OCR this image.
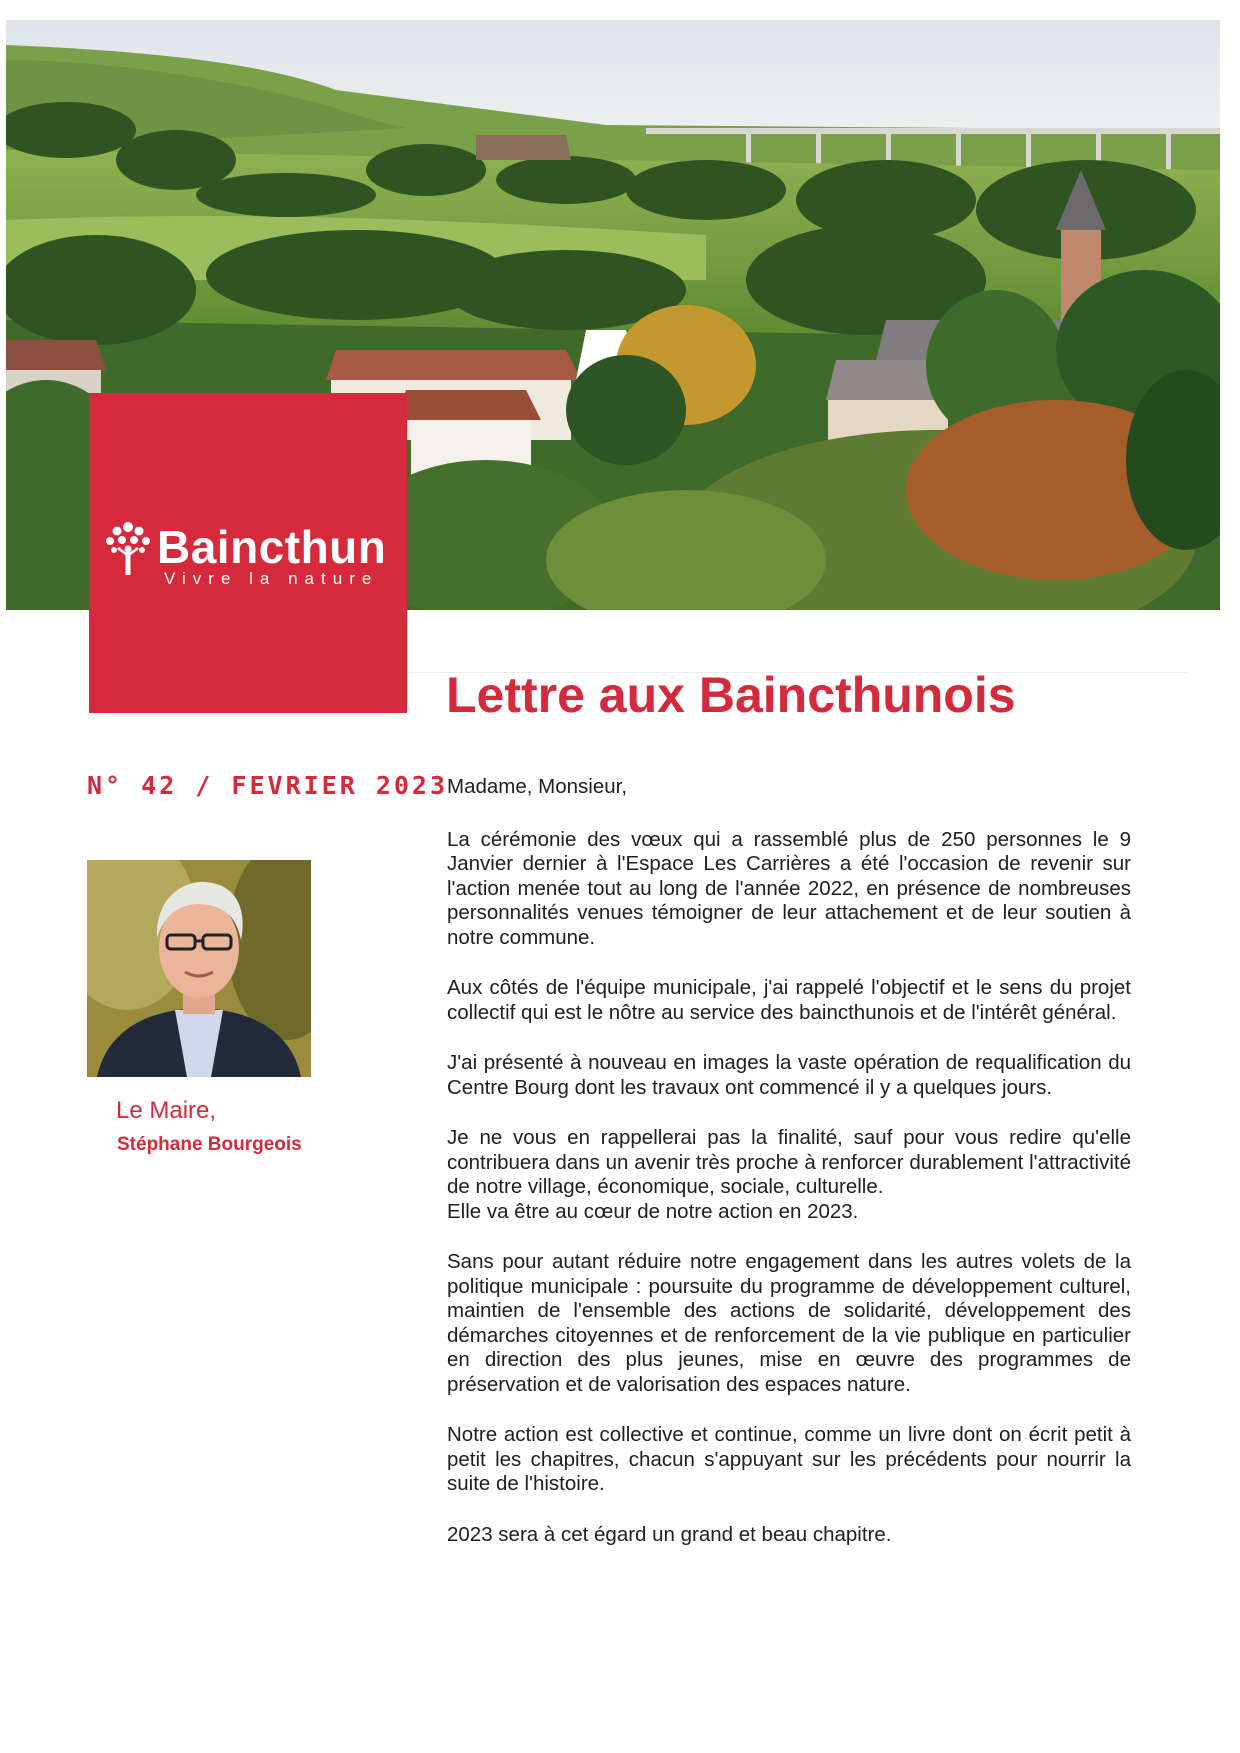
Baincthun
Vivre la nature
Lettre aux Baincthunois
N° 42 / FEVRIER 2023
Le Maire,
Stéphane Bourgeois

Madame, Monsieur,

La cérémonie des vœux qui a rassemblé plus de 250 personnes le 9 Janvier dernier à l'Espace Les Carrières a été l'occasion de revenir sur l'action menée tout au long de l'année 2022, en présence de nombreuses personnalités venues témoigner de leur attachement et de leur soutien à notre commune.

Aux côtés de l'équipe municipale, j'ai rappelé l'objectif et le sens du projet collectif qui est le nôtre au service des baincthunois et de l'intérêt général.

J'ai présenté à nouveau en images la vaste opération de requalification du Centre Bourg dont les travaux ont commencé il y a quelques jours.

Je ne vous en rappellerai pas la finalité, sauf pour vous redire qu'elle contribuera dans un avenir très proche à renforcer durablement l'attractivité de notre village, économique, sociale, culturelle.

Elle va être au cœur de notre action en 2023.

Sans pour autant réduire notre engagement dans les autres volets de la politique municipale : poursuite du programme de développement culturel, maintien de l'ensemble des actions de solidarité, développement des démarches citoyennes et de renforcement de la vie publique en particulier en direction des plus jeunes, mise en œuvre des programmes de préservation et de valorisation des espaces nature.

Notre action est collective et continue, comme un livre dont on écrit petit à petit les chapitres, chacun s'appuyant sur les précédents pour nourrir la suite de l'histoire.

2023 sera à cet égard un grand et beau chapitre.
